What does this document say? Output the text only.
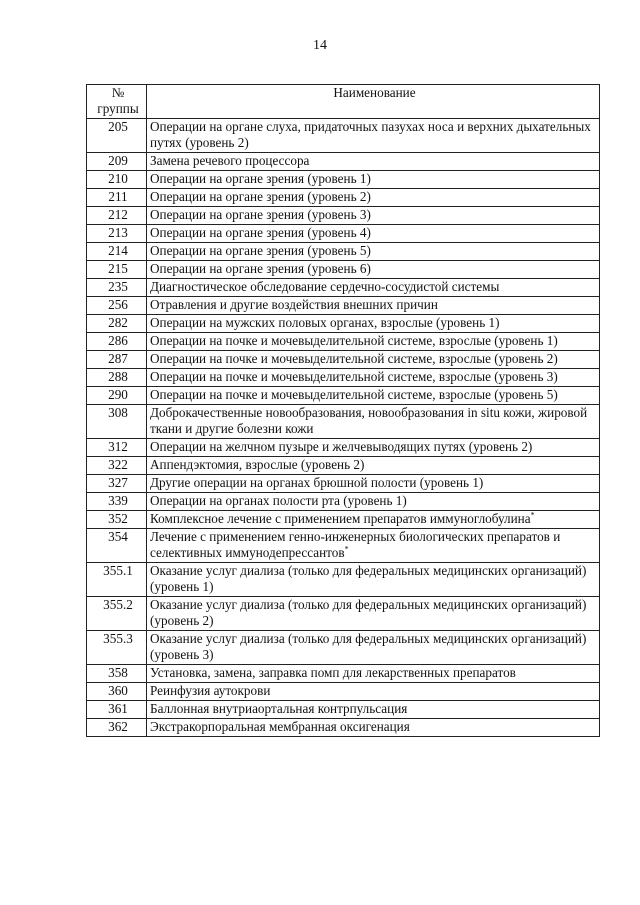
14
№ группы	Наименование
205	Операции на органе слуха, придаточных пазухах носа и верхних дыхательных путях (уровень 2)
209	Замена речевого процессора
210	Операции на органе зрения (уровень 1)
211	Операции на органе зрения (уровень 2)
212	Операции на органе зрения (уровень 3)
213	Операции на органе зрения (уровень 4)
214	Операции на органе зрения (уровень 5)
215	Операции на органе зрения (уровень 6)
235	Диагностическое обследование сердечно-сосудистой системы
256	Отравления и другие воздействия внешних причин
282	Операции на мужских половых органах, взрослые (уровень 1)
286	Операции на почке и мочевыделительной системе, взрослые (уровень 1)
287	Операции на почке и мочевыделительной системе, взрослые (уровень 2)
288	Операции на почке и мочевыделительной системе, взрослые (уровень 3)
290	Операции на почке и мочевыделительной системе, взрослые (уровень 5)
308	Доброкачественные новообразования, новообразования in situ кожи, жировой ткани и другие болезни кожи
312	Операции на желчном пузыре и желчевыводящих путях (уровень 2)
322	Аппендэктомия, взрослые (уровень 2)
327	Другие операции на органах брюшной полости (уровень 1)
339	Операции на органах полости рта (уровень 1)
352	Комплексное лечение с применением препаратов иммуноглобулина*
354	Лечение с применением генно-инженерных биологических препаратов и селективных иммунодепрессантов*
355.1	Оказание услуг диализа (только для федеральных медицинских организаций) (уровень 1)
355.2	Оказание услуг диализа (только для федеральных медицинских организаций) (уровень 2)
355.3	Оказание услуг диализа (только для федеральных медицинских организаций) (уровень 3)
358	Установка, замена, заправка помп для лекарственных препаратов
360	Реинфузия аутокрови
361	Баллонная внутриаортальная контрпульсация
362	Экстракорпоральная мембранная оксигенация
